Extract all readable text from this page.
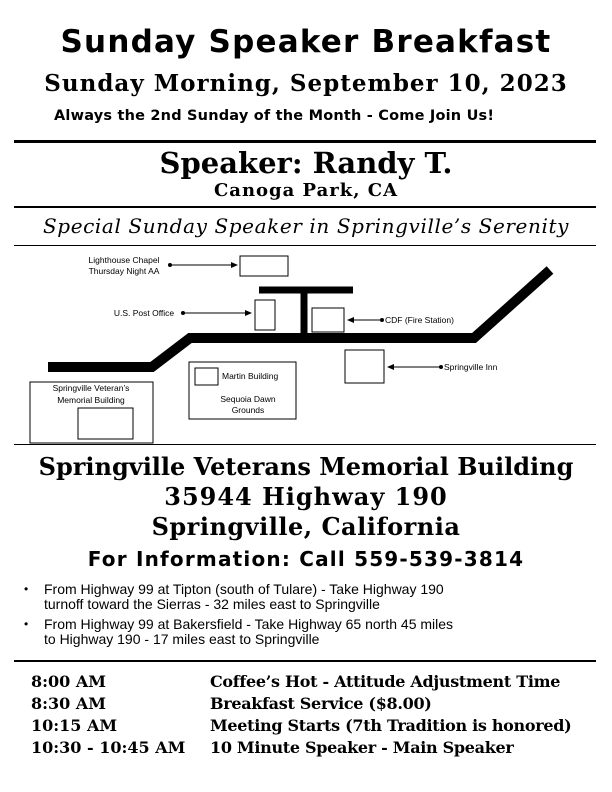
Sunday Speaker Breakfast
Sunday Morning, September 10, 2023
Always the 2nd Sunday of the Month - Come Join Us!
Speaker: Randy T.
Canoga Park, CA
Special Sunday Speaker in Springville’s Serenity
Lighthouse Chapel
Thursday Night AA
U.S. Post Office
CDF (Fire Station)
Springville Inn
Springville Veteran’s
Memorial Building
Martin Building
Sequoia Dawn
Grounds
Springville Veterans Memorial Building
35944 Highway 190
Springville, California
For Information: Call 559-539-3814
• From Highway 99 at Tipton (south of Tulare) - Take Highway 190
turnoff toward the Sierras - 32 miles east to Springville
• From Highway 99 at Bakersfield - Take Highway 65 north 45 miles
to Highway 190 - 17 miles east to Springville
8:00 AM	Coffee’s Hot - Attitude Adjustment Time
8:30 AM	Breakfast Service ($8.00)
10:15 AM	Meeting Starts (7th Tradition is honored)
10:30 - 10:45 AM 10 Minute Speaker - Main Speaker
